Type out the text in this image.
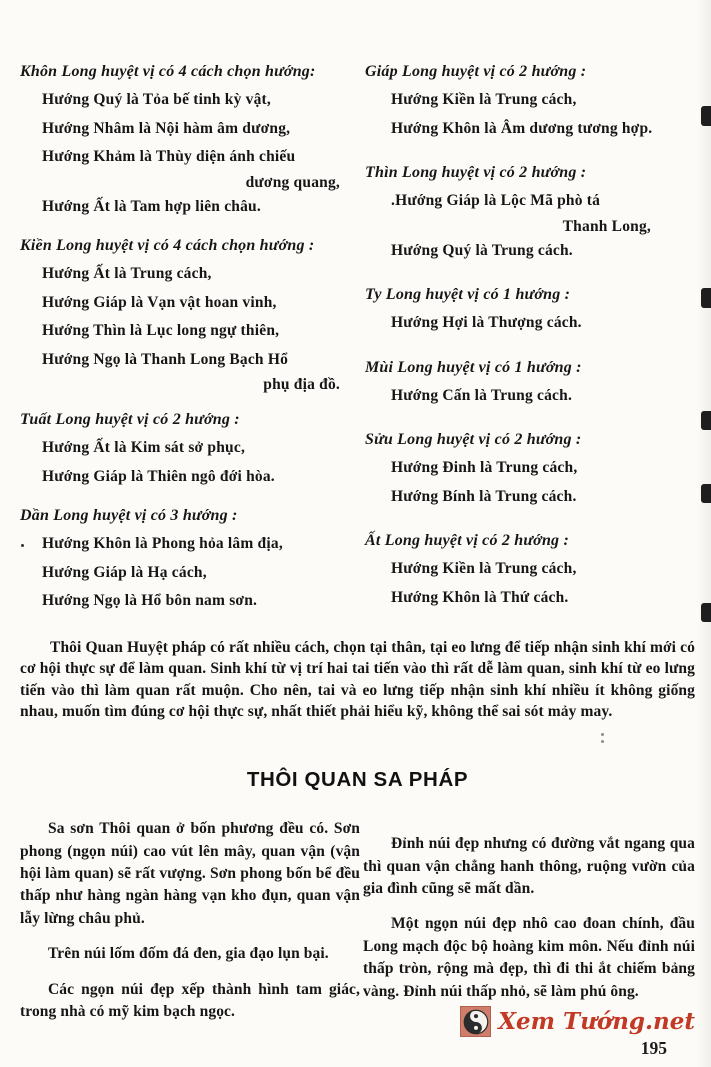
Khôn Long huyệt vị có 4 cách chọn hướng:
Hướng Quý là Tỏa bế tinh kỳ vật,
Hướng Nhâm là Nội hàm âm dương,
Hướng Khảm là Thùy diện ánh chiếu
dương quang,
Hướng Ất là Tam hợp liên châu.
Kiền Long huyệt vị có 4 cách chọn hướng :
Hướng Ất là Trung cách,
Hướng Giáp là Vạn vật hoan vinh,
Hướng Thìn là Lục long ngự thiên,
Hướng Ngọ là Thanh Long Bạch Hổ
phụ địa đồ.
Tuất Long huyệt vị có 2 hướng :
Hướng Ất là Kim sát sở phục,
Hướng Giáp là Thiên ngô đới hòa.
Dần Long huyệt vị có 3 hướng :
Hướng Khôn là Phong hỏa lâm địa,
Hướng Giáp là Hạ cách,
Hướng Ngọ là Hổ bôn nam sơn.
Giáp Long huyệt vị có 2 hướng :
Hướng Kiền là Trung cách,
Hướng Khôn là Âm dương tương hợp.
Thìn Long huyệt vị có 2 hướng :
.Hướng Giáp là Lộc Mã phò tá
Thanh Long,
Hướng Quý là Trung cách.
Ty Long huyệt vị có 1 hướng :
Hướng Hợi là Thượng cách.
Mùi Long huyệt vị có 1 hướng :
Hướng Cấn là Trung cách.
Sửu Long huyệt vị có 2 hướng :
Hướng Đinh là Trung cách,
Hướng Bính là Trung cách.
Ất Long huyệt vị có 2 hướng :
Hướng Kiền là Trung cách,
Hướng Khôn là Thứ cách.

Thôi Quan Huyệt pháp có rất nhiều cách, chọn tại thân, tại eo lưng để tiếp nhận sinh khí mới có cơ hội thực sự để làm quan. Sinh khí từ vị trí hai tai tiến vào thì rất dễ làm quan, sinh khí từ eo lưng tiến vào thì làm quan rất muộn. Cho nên, tai và eo lưng tiếp nhận sinh khí nhiều ít không giống nhau, muốn tìm đúng cơ hội thực sự, nhất thiết phải hiểu kỹ, không thể sai sót mảy may.

THÔI QUAN SA PHÁP

Sa sơn Thôi quan ở bốn phương đều có. Sơn phong (ngọn núi) cao vút lên mây, quan vận (vận hội làm quan) sẽ rất vượng. Sơn phong bốn bể đều thấp như hàng ngàn hàng vạn kho đụn, quan vận lẫy lừng châu phủ.

Trên núi lốm đốm đá đen, gia đạo lụn bại.

Các ngọn núi đẹp xếp thành hình tam giác, trong nhà có mỹ kim bạch ngọc.

Đỉnh núi đẹp nhưng có đường vắt ngang qua thì quan vận chẳng hanh thông, ruộng vườn của gia đình cũng sẽ mất dần.

Một ngọn núi đẹp nhô cao đoan chính, đầu Long mạch độc bộ hoàng kim môn. Nếu đỉnh núi thấp tròn, rộng mà đẹp, thì đi thi ắt chiếm bảng vàng. Đỉnh núi thấp nhỏ, sẽ làm phú ông.

Xem Tướng.net
195
